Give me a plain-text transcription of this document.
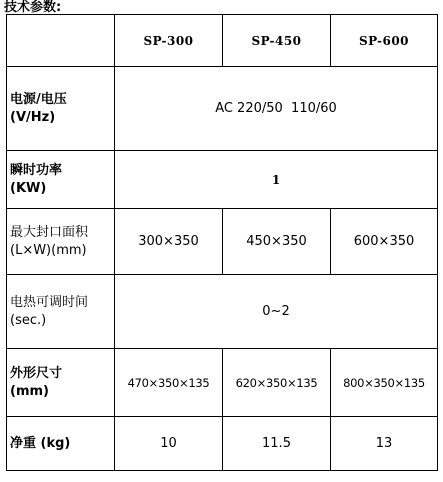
技术参数:
	SP-300	SP-450	SP-600

电源/电压
(V/Hz)	AC 220/50  110/60		

瞬时功率
(KW)	1		

最大封口面积
(L×W)(mm)	300×350	450×350	600×350

电热可调时间
(sec.)	0~2		

外形尺寸
(mm)	470×350×135	620×350×135	800×350×135
净重 (kg)	10	11.5	13
